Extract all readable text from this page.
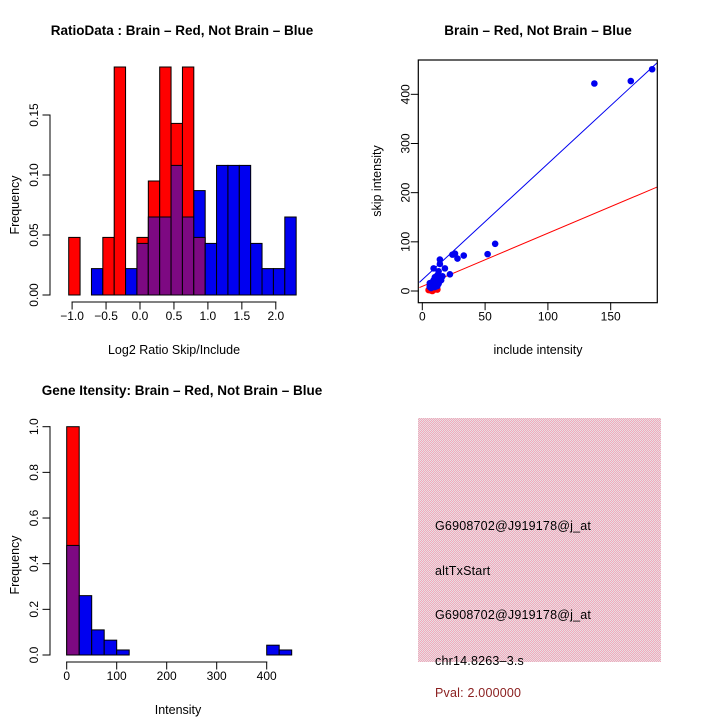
RatioData : Brain – Red, Not Brain – Blue
Log2 Ratio Skip/Include
Frequency
−1.0 −0.5 0.0 0.5 1.0 1.5 2.0
0.00
0.05
0.10
0.15
Brain – Red, Not Brain – Blue
include intensity
skip intensity
0	50	100	150
0
100
200
300
400
Gene Itensity: Brain – Red, Not Brain – Blue
Intensity
Frequency
0	100 200 300 400
0.0
0.2
0.4
0.6
0.8
1.0
G6908702@J919178@j_at
altTxStart
G6908702@J919178@j_at
chr14.8263–3.s
Pval: 2.000000
